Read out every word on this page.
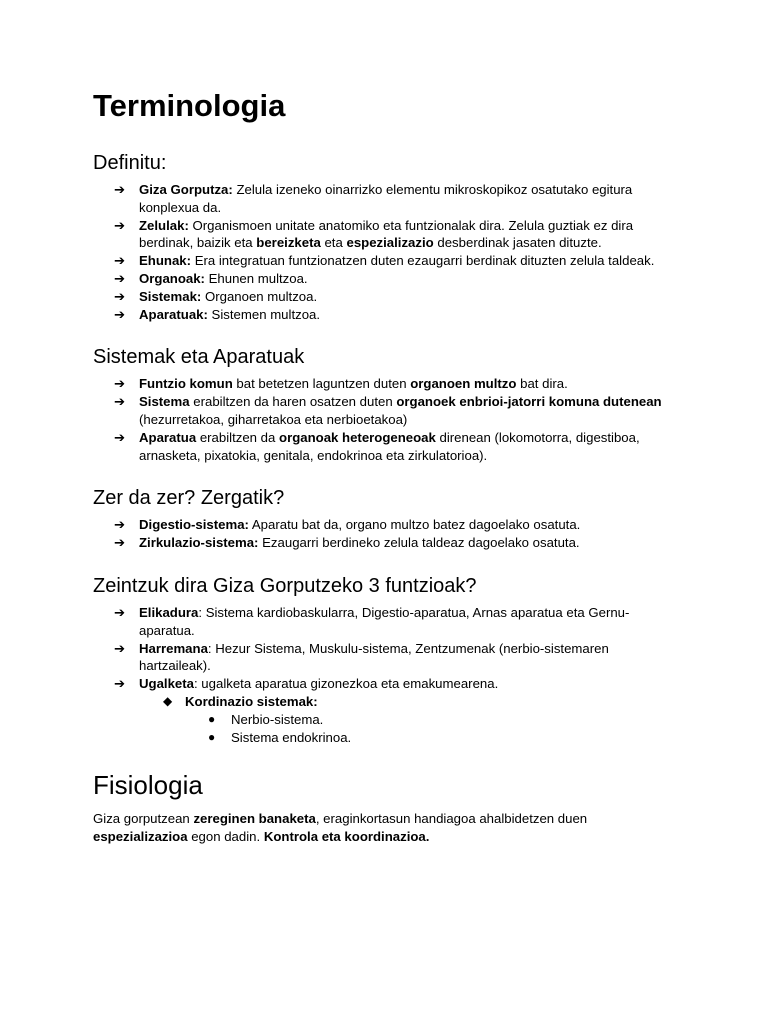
Terminologia
Definitu:
➔ Giza Gorputza: Zelula izeneko oinarrizko elementu mikroskopikoz osatutako egitura konplexua da.
➔ Zelulak: Organismoen unitate anatomiko eta funtzionalak dira. Zelula guztiak ez dira berdinak, baizik eta bereizketa eta espezializazio desberdinak jasaten dituzte.
➔ Ehunak: Era integratuan funtzionatzen duten ezaugarri berdinak dituzten zelula taldeak.
➔ Organoak: Ehunen multzoa.
➔ Sistemak: Organoen multzoa.
➔ Aparatuak: Sistemen multzoa.
Sistemak eta Aparatuak
➔ Funtzio komun bat betetzen laguntzen duten organoen multzo bat dira.
➔ Sistema erabiltzen da haren osatzen duten organoek enbrioi-jatorri komuna dutenean (hezurretakoa, giharretakoa eta nerbioetakoa)
➔ Aparatua erabiltzen da organoak heterogeneoak direnean (lokomotorra, digestiboa, arnasketa, pixatokia, genitala, endokrinoa eta zirkulatorioa).
Zer da zer? Zergatik?
➔ Digestio-sistema: Aparatu bat da, organo multzo batez dagoelako osatuta.
➔ Zirkulazio-sistema: Ezaugarri berdineko zelula taldeaz dagoelako osatuta.
Zeintzuk dira Giza Gorputzeko 3 funtzioak?
➔ Elikadura: Sistema kardiobaskularra, Digestio-aparatua, Arnas aparatua eta Gernu-aparatua.
➔ Harremana: Hezur Sistema, Muskulu-sistema, Zentzumenak (nerbio-sistemaren hartzaileak).
➔ Ugalketa: ugalketa aparatua gizonezkoa eta emakumearena.
◆ Kordinazio sistemak:
● Nerbio-sistema.
● Sistema endokrinoa.
Fisiologia

Giza gorputzean zereginen banaketa, eraginkortasun handiagoa ahalbidetzen duen espezializazioa egon dadin. Kontrola eta koordinazioa.
